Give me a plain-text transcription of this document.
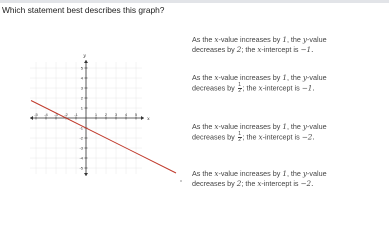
Which statement best describes this graph?
-5 -4 -3 -2 -1	1 2 3 4 5
5
4
3
2
1
-1
-2
-3
-4
-5
x
y
As the x-value increases by 1, the y-value
decreases by 2; the x-intercept is −1.
As the x-value increases by 1, the y-value
decreases by $\frac{1}{2}$ ; the x-intercept is −1.
As the x-value increases by 1, the y-value
decreases by $\frac{1}{2}$ ; the x-intercept is −2.
As the x-value increases by 1, the y-value
decreases by 2; the x-intercept is −2.
